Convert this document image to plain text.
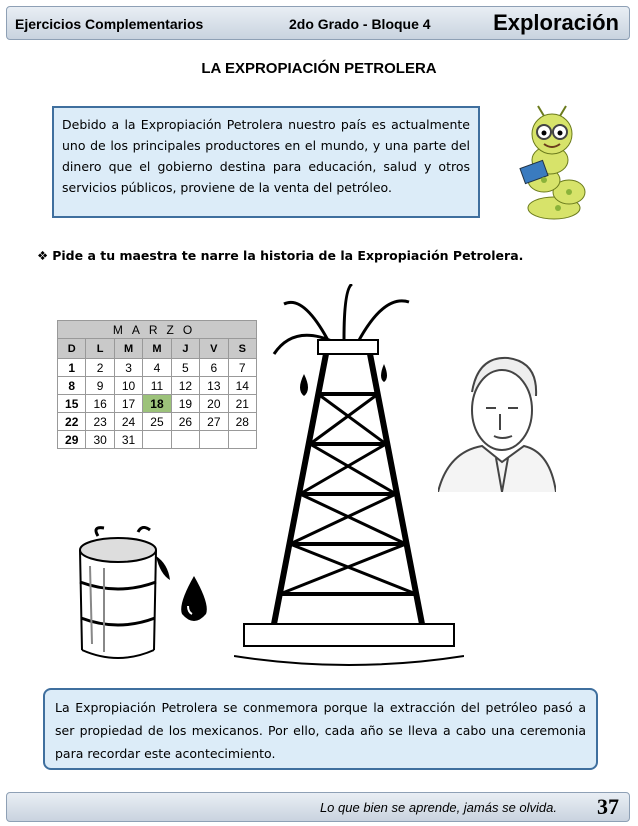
Ejercicios Complementarios	2do Grado - Bloque 4	Exploración
LA EXPROPIACIÓN PETROLERA
Debido a la Expropiación Petrolera nuestro país es actualmente uno de los principales productores en el mundo, y una parte del dinero que el gobierno destina para educación, salud y otros servicios públicos, proviene de la venta del petróleo.
❖ Pide a tu maestra te narre la historia de la Expropiación Petrolera.
MARZO						
D	L	M	M	J	V	S
1	2	3	4	5	6	7
8	9	10	11	12	13	14
15	16	17	18	19	20	21
22	23	24	25	26	27	28
29	30	31				
La Expropiación Petrolera se conmemora porque la extracción del petróleo pasó a ser propiedad de los mexicanos. Por ello, cada año se lleva a cabo una ceremonia para recordar este acontecimiento.
Lo que bien se aprende, jamás se olvida. 37
